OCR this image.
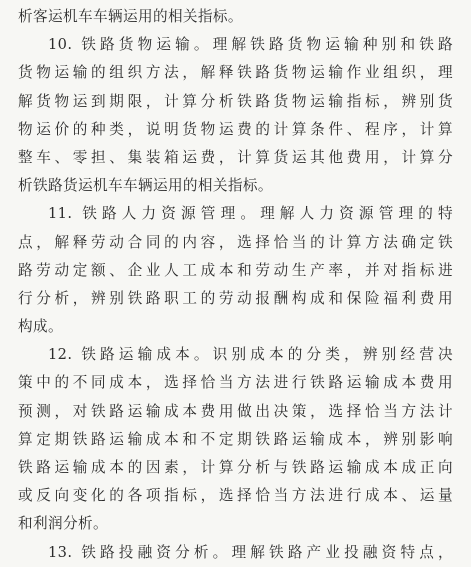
析客运机车车辆运用的相关指标。
10. 铁路货物运输。理解铁路货物运输种别和铁路
货物运输的组织方法，解释铁路货物运输作业组织，理
解货物运到期限，计算分析铁路货物运输指标，辨别货
物运价的种类，说明货物运费的计算条件、程序，计算
整车、零担、集装箱运费，计算货运其他费用，计算分
析铁路货运机车车辆运用的相关指标。
11. 铁路人力资源管理。理解人力资源管理的特
点，解释劳动合同的内容，选择恰当的计算方法确定铁
路劳动定额、企业人工成本和劳动生产率，并对指标进
行分析，辨别铁路职工的劳动报酬构成和保险福利费用
构成。
12. 铁路运输成本。识别成本的分类，辨别经营决
策中的不同成本，选择恰当方法进行铁路运输成本费用
预测，对铁路运输成本费用做出决策，选择恰当方法计
算定期铁路运输成本和不定期铁路运输成本，辨别影响
铁路运输成本的因素，计算分析与铁路运输成本成正向
或反向变化的各项指标，选择恰当方法进行成本、运量
和利润分析。
13. 铁路投融资分析。理解铁路产业投融资特点，
